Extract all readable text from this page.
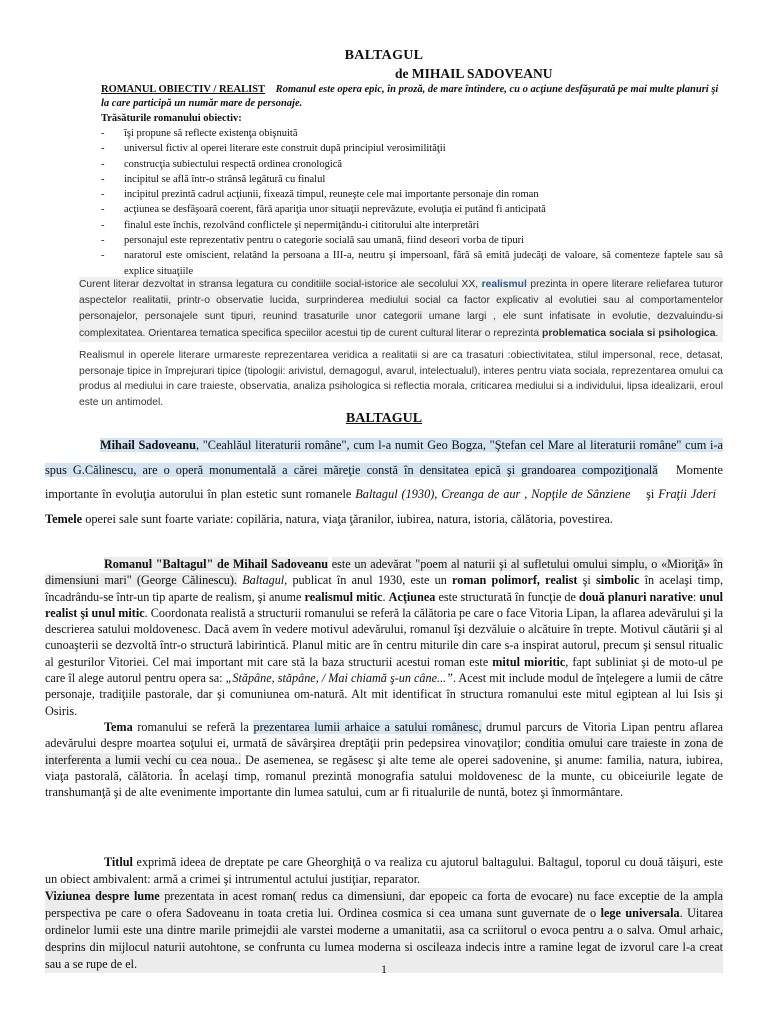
BALTAGUL
de MIHAIL SADOVEANU
ROMANUL OBIECTIV / REALIST Romanul este opera epic, în proză, de mare întindere, cu o acţiune desfăşurată pe mai multe planuri şi la care participă un număr mare de personaje.
Trăsăturile romanului obiectiv:
- îşi propune să reflecte existenţa obişnuită
- universul fictiv al operei literare este construit după principiul verosimilităţii
- construcţia subiectului respectă ordinea cronologică
- incipitul se află într-o strânsă legătură cu finalul
- incipitul prezintă cadrul acţiunii, fixează timpul, reuneşte cele mai importante personaje din roman
- acţiunea se desfăşoară coerent, fără apariţia unor situaţii neprevăzute, evoluţia ei putând fi anticipată
- finalul este închis, rezolvând conflictele şi nepermiţându-i cititorului alte interpretări
- personajul este reprezentativ pentru o categorie socială sau umană, fiind deseori vorba de tipuri
- naratorul este omiscient, relatând la persoana a III-a, neutru şi impersoanl, fără să emită judecăţi de valoare, să comenteze faptele sau să explice situaţiile
Curent literar dezvoltat in stransa legatura cu conditiile social-istorice ale secolului XX, realismul prezinta in opere literare reliefarea tuturor aspectelor realitatii, printr-o observatie lucida, surprinderea mediului social ca factor explicativ al evolutiei sau al comportamentelor personajelor, personajele sunt tipuri, reunind trasaturile unor categorii umane largi , ele sunt infatisate in evolutie, dezvaluindu-si complexitatea. Orientarea tematica specifica speciilor acestui tip de curent cultural literar o reprezinta problematica sociala si psihologica.
Realismul in operele literare urmareste reprezentarea veridica a realitatii si are ca trasaturi :obiectivitatea, stilul impersonal, rece, detasat, personaje tipice in împrejurari tipice (tipologii: arivistul, demagogul, avarul, intelectualul), interes pentru viata sociala, reprezentarea omului ca produs al mediului in care traieste, observatia, analiza psihologica si reflectia morala, criticarea mediului si a individului, lipsa idealizarii, eroul este un antimodel.
BALTAGUL
Mihail Sadoveanu, "Ceahlăul literaturii române", cum l-a numit Geo Bogza, "Ştefan cel Mare al literaturii române" cum i-a spus G.Călinescu, are o operă monumentală a cărei măreţie constă în densitatea epică şi grandoarea compoziţională Momente importante în evoluţia autorului în plan estetic sunt romanele Baltagul (1930), Creanga de aur , Nopţile de Sânziene şi Fraţii Jderi   Temele operei sale sunt foarte variate: copilăria, natura, viaţa ţăranilor, iubirea, natura, istoria, călătoria, povestirea.

Romanul "Baltagul" de Mihail Sadoveanu este un adevărat "poem al naturii şi al sufletului omului simplu, o «Mioriţă» în dimensiuni mari" (George Călinescu). Baltagul, publicat în anul 1930, este un roman polimorf, realist şi simbolic în acelaşi timp, încadrându-se într-un tip aparte de realism, şi anume realismul mitic. Acţiunea este structurată în funcţie de două planuri narative: unul realist şi unul mitic. Coordonata realistă a structurii romanului se referă la călătoria pe care o face Vitoria Lipan, la aflarea adevărului şi la descrierea satului moldovenesc. Dacă avem în vedere motivul adevărului, romanul îşi dezvăluie o alcătuire în trepte. Motivul căutării şi al cunoaşterii se dezvoltă într-o structură labirintică. Planul mitic are în centru miturile din care s-a inspirat autorul, precum şi sensul ritualic al gesturilor Vitoriei. Cel mai important mit care stă la baza structurii acestui roman este mitul mioritic, fapt subliniat şi de moto-ul pe care îl alege autorul pentru opera sa: „Stăpâne, stăpâne, / Mai chiamă ş-un câne...”. Acest mit include modul de înţelegere a lumii de către personaje, tradiţiile pastorale, dar şi comuniunea om-natură. Alt mit identificat în structura romanului este mitul egiptean al lui Isis şi Osiris.

Tema romanului se referă la prezentarea lumii arhaice a satului românesc, drumul parcurs de Vitoria Lipan pentru aflarea adevărului despre moartea soţului ei, urmată de săvârşirea dreptăţii prin pedepsirea vinovaţilor; conditia omului care traieste in zona de interferenta a lumii vechi cu cea noua.. De asemenea, se regăsesc şi alte teme ale operei sadovenine, şi anume: familia, natura, iubirea, viaţa pastorală, călătoria. În acelaşi timp, romanul prezintă monografia satului moldovenesc de la munte, cu obiceiurile legate de transhumanţă şi de alte evenimente importante din lumea satului, cum ar fi ritualurile de nuntă, botez şi înmormântare.

Titlul exprimă ideea de dreptate pe care Gheorghiţă o va realiza cu ajutorul baltagului. Baltagul, toporul cu două tăişuri, este un obiect ambivalent: armă a crimei şi intrumentul actului justiţiar, reparator.

Viziunea despre lume prezentata in acest roman( redus ca dimensiuni, dar epopeic ca forta de evocare) nu face exceptie de la ampla perspectiva pe care o ofera Sadoveanu in toata cretia lui. Ordinea cosmica si cea umana sunt guvernate de o lege universala. Uitarea ordinelor lumii este una dintre marile primejdii ale varstei moderne a umanitatii, asa ca scriitorul o evoca pentru a o salva. Omul arhaic, desprins din mijlocul naturii autohtone, se confrunta cu lumea moderna si oscileaza indecis intre a ramine legat de izvorul care l-a creat sau a se rupe de el.	1
